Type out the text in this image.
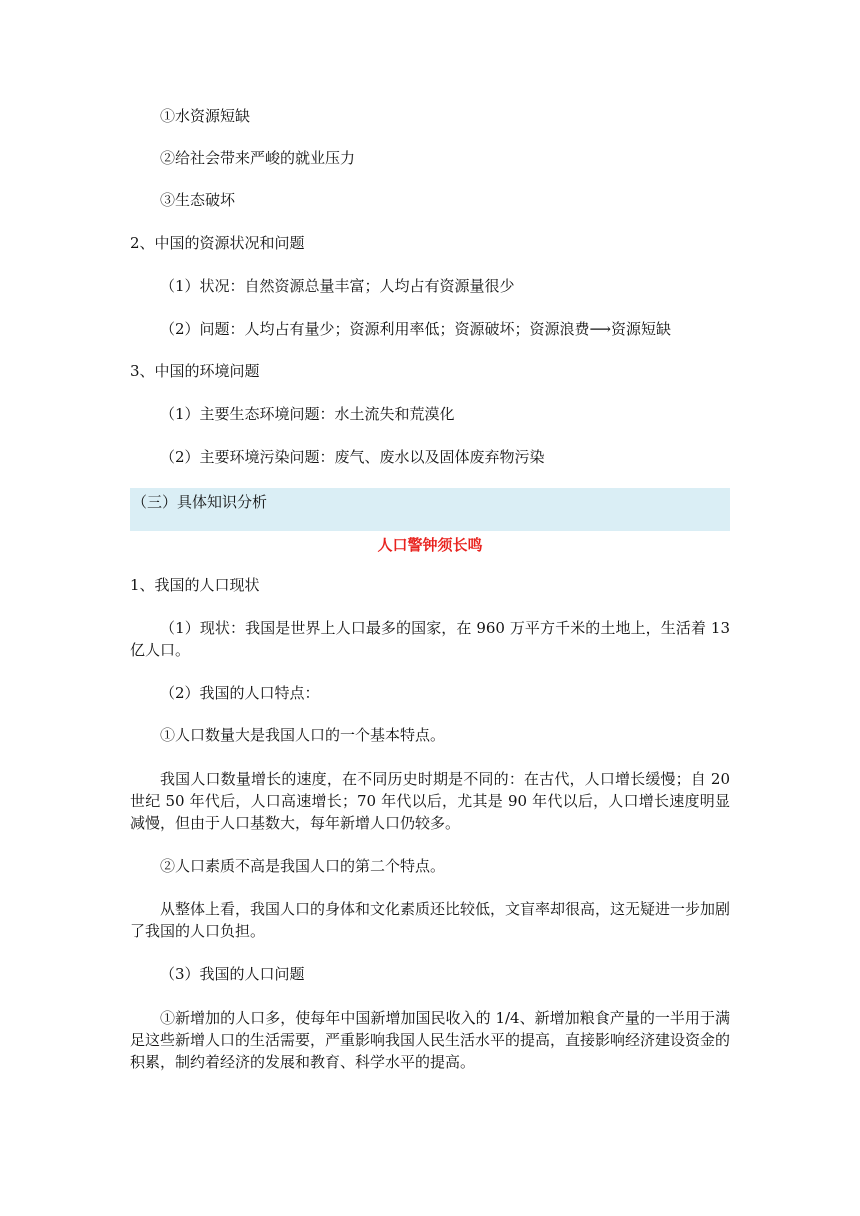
①水资源短缺
②给社会带来严峻的就业压力
③生态破坏
2、中国的资源状况和问题
（1）状况：自然资源总量丰富；人均占有资源量很少
（2）问题：人均占有量少；资源利用率低；资源破坏；资源浪费⟶资源短缺
3、中国的环境问题
（1）主要生态环境问题：水土流失和荒漠化
（2）主要环境污染问题：废气、废水以及固体废弃物污染
（三）具体知识分析
人口警钟须长鸣
1、我国的人口现状
（1）现状：我国是世界上人口最多的国家，在 960 万平方千米的土地上，生活着 13 亿人口。
（2）我国的人口特点：
①人口数量大是我国人口的一个基本特点。
我国人口数量增长的速度，在不同历史时期是不同的：在古代，人口增长缓慢；自 20 世纪 50 年代后，人口高速增长；70 年代以后，尤其是 90 年代以后，人口增长速度明显减慢，但由于人口基数大，每年新增人口仍较多。
②人口素质不高是我国人口的第二个特点。
从整体上看，我国人口的身体和文化素质还比较低，文盲率却很高，这无疑进一步加剧了我国的人口负担。
（3）我国的人口问题
①新增加的人口多，使每年中国新增加国民收入的 1/4、新增加粮食产量的一半用于满足这些新增人口的生活需要，严重影响我国人民生活水平的提高，直接影响经济建设资金的积累，制约着经济的发展和教育、科学水平的提高。
